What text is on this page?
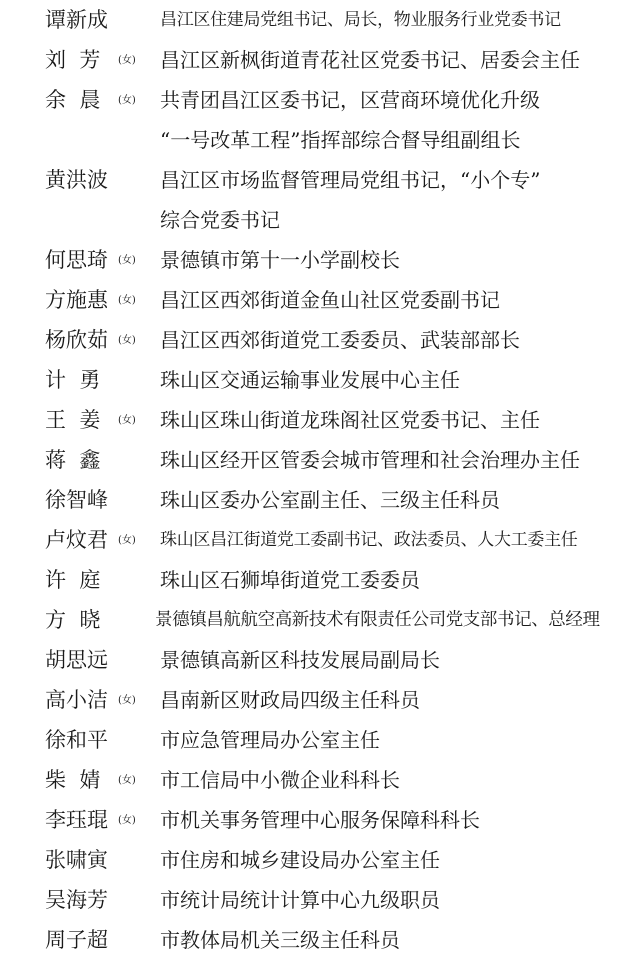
谭新成	昌江区住建局党组书记、局长，物业服务行业党委书记
刘  芳 (女) 昌江区新枫街道青花社区党委书记、居委会主任
余  晨 (女) 共青团昌江区委书记，区营商环境优化升级
“一号改革工程”指挥部综合督导组副组长
黄洪波	昌江区市场监督管理局党组书记，“小个专”
综合党委书记
何思琦 (女) 景德镇市第十一小学副校长
方施惠 (女) 昌江区西郊街道金鱼山社区党委副书记
杨欣茹 (女) 昌江区西郊街道党工委委员、武装部部长
计  勇	珠山区交通运输事业发展中心主任
王  姜 (女) 珠山区珠山街道龙珠阁社区党委书记、主任
蒋  鑫	珠山区经开区管委会城市管理和社会治理办主任
徐智峰	珠山区委办公室副主任、三级主任科员
卢炆君 (女) 珠山区昌江街道党工委副书记、政法委员、人大工委主任
许  庭	珠山区石狮埠街道党工委委员
方  晓	景德镇昌航航空高新技术有限责任公司党支部书记、总经理
胡思远	景德镇高新区科技发展局副局长
高小洁 (女) 昌南新区财政局四级主任科员
徐和平	市应急管理局办公室主任
柴  婧 (女) 市工信局中小微企业科科长
李珏琨 (女) 市机关事务管理中心服务保障科科长
张啸寅	市住房和城乡建设局办公室主任
吴海芳	市统计局统计计算中心九级职员
周子超	市教体局机关三级主任科员
